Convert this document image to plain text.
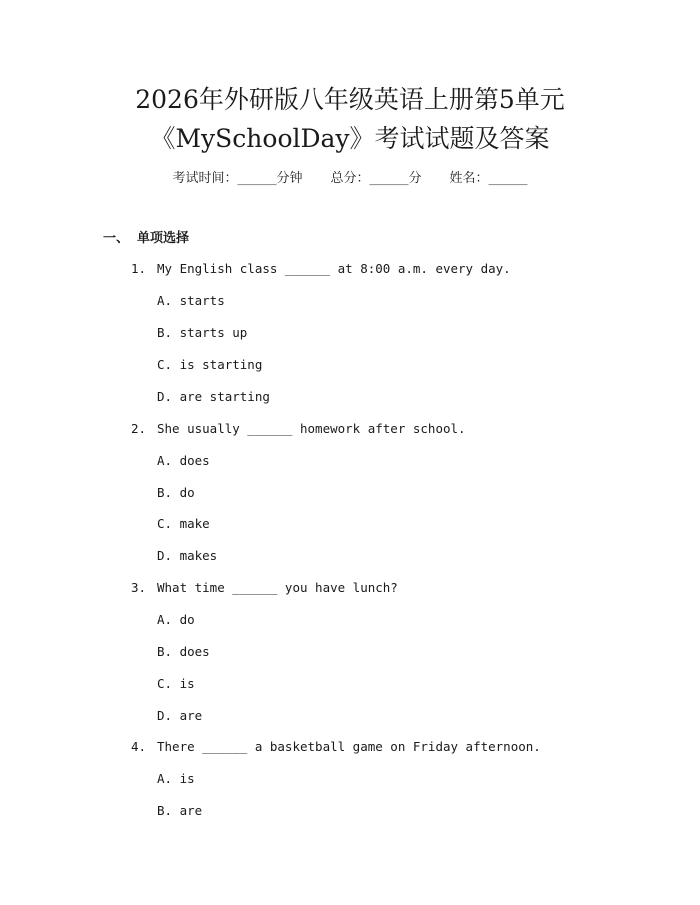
2026年外研版八年级英语上册第5单元
《MySchoolDay》考试试题及答案
考试时间：______分钟 总分：______分 姓名：______
一、 单项选择
1. My English class ______ at 8:00 a.m. every day.
A. starts
B. starts up
C. is starting
D. are starting
2. She usually ______ homework after school.
A. does
B. do
C. make
D. makes
3. What time ______ you have lunch?
A. do
B. does
C. is
D. are
4. There ______ a basketball game on Friday afternoon.
A. is
B. are
